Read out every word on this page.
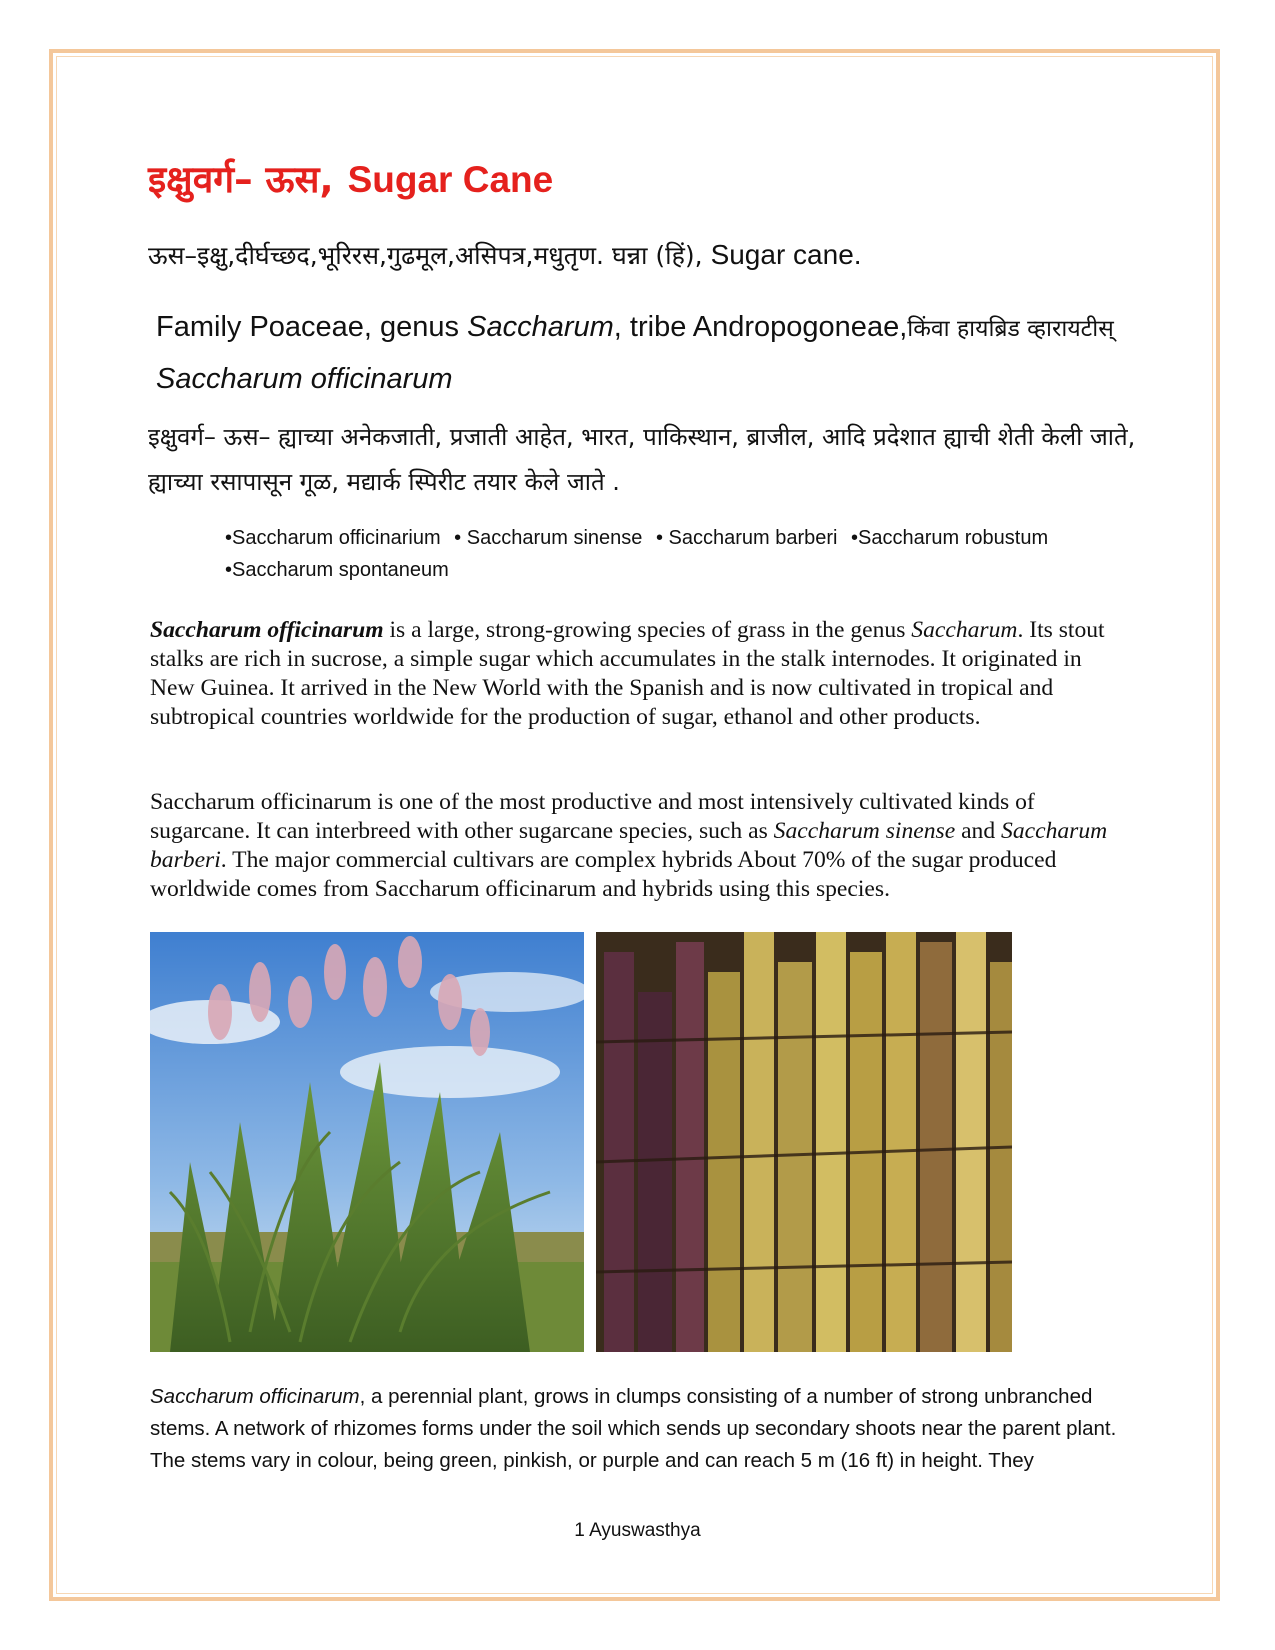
इक्षुवर्ग– ऊस, Sugar Cane
ऊस–इक्षु,दीर्घच्छद,भूरिरस,गुढमूल,असिपत्र,मधुतृण. घन्ना (हिं), Sugar cane.
Family Poaceae, genus Saccharum, tribe Andropogoneae,किंवा हायब्रिड व्हारायटीस् Saccharum officinarum
इक्षुवर्ग– ऊस– ह्याच्या अनेकजाती, प्रजाती आहेत, भारत, पाकिस्थान, ब्राजील, आदि प्रदेशात ह्याची शेती केली जाते, ह्याच्या रसापासून गूळ, मद्यार्क स्पिरीट तयार केले जाते .
•Saccharum officinarium • Saccharum sinense • Saccharum barberi •Saccharum robustum
•Saccharum spontaneum
Saccharum officinarum is a large, strong-growing species of grass in the genus Saccharum. Its stout stalks are rich in sucrose, a simple sugar which accumulates in the stalk internodes. It originated in New Guinea. It arrived in the New World with the Spanish and is now cultivated in tropical and subtropical countries worldwide for the production of sugar, ethanol and other products.
Saccharum officinarum is one of the most productive and most intensively cultivated kinds of sugarcane. It can interbreed with other sugarcane species, such as Saccharum sinense and Saccharum barberi. The major commercial cultivars are complex hybrids About 70% of the sugar produced worldwide comes from Saccharum officinarum and hybrids using this species.
Saccharum officinarum, a perennial plant, grows in clumps consisting of a number of strong unbranched stems. A network of rhizomes forms under the soil which sends up secondary shoots near the parent plant. The stems vary in colour, being green, pinkish, or purple and can reach 5 m (16 ft) in height. They
1 Ayuswasthya
